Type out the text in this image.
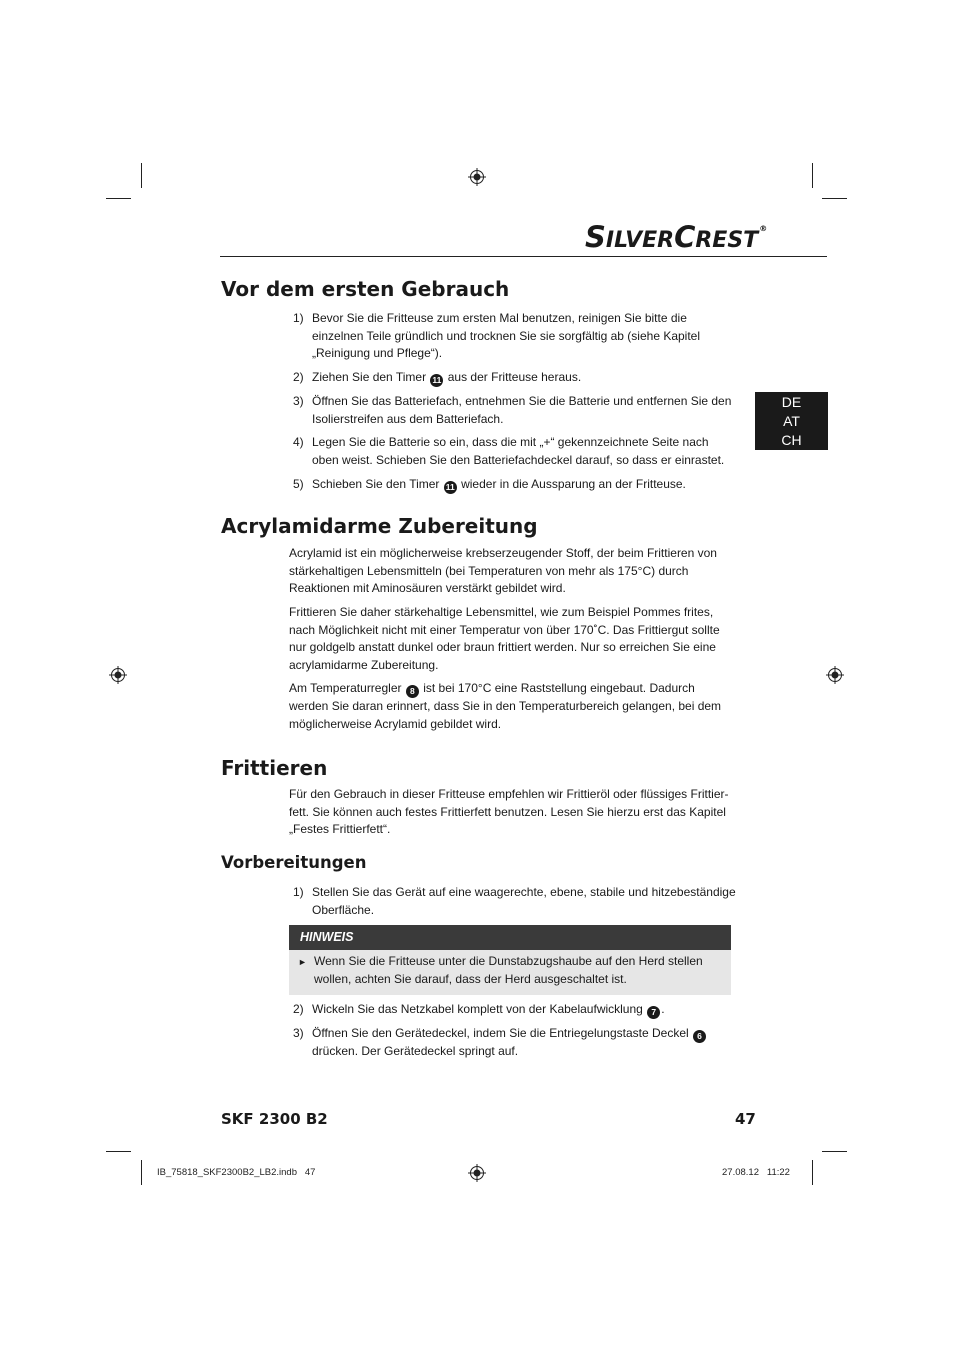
SILVERCREST®
DE
AT
CH
Vor dem ersten Gebrauch
1) Bevor Sie die Fritteuse zum ersten Mal benutzen, reinigen Sie bitte die einzelnen Teile gründlich und trocknen Sie sie sorgfältig ab (siehe Kapitel „Reinigung und Pflege“).
2) Ziehen Sie den Timer 11 aus der Fritteuse heraus.
3) Öffnen Sie das Batteriefach, entnehmen Sie die Batterie und entfernen Sie den Isolierstreifen aus dem Batteriefach.
4) Legen Sie die Batterie so ein, dass die mit „+“ gekennzeichnete Seite nach oben weist. Schieben Sie den Batteriefachdeckel darauf, so dass er einrastet.
5) Schieben Sie den Timer 11 wieder in die Aussparung an der Fritteuse.
Acrylamidarme Zubereitung

Acrylamid ist ein möglicherweise krebserzeugender Stoff, der beim Frittieren von stärkehaltigen Lebensmitteln (bei Temperaturen von mehr als 175°C) durch Reaktionen mit Aminosäuren verstärkt gebildet wird.

Frittieren Sie daher stärkehaltige Lebensmittel, wie zum Beispiel Pommes frites, nach Möglichkeit nicht mit einer Temperatur von über 170˚C. Das Frittiergut sollte nur goldgelb anstatt dunkel oder braun frittiert werden. Nur so erreichen Sie eine acrylamidarme Zubereitung.

Am Temperaturregler 8 ist bei 170°C eine Raststellung eingebaut. Dadurch werden Sie daran erinnert, dass Sie in den Temperaturbereich gelangen, bei dem möglicherweise Acrylamid gebildet wird.

Frittieren

Für den Gebrauch in dieser Fritteuse empfehlen wir Frittieröl oder flüssiges Frittier-fett. Sie können auch festes Frittierfett benutzen. Lesen Sie hierzu erst das Kapitel „Festes Frittierfett“.

Vorbereitungen
1) Stellen Sie das Gerät auf eine waagerechte, ebene, stabile und hitzebeständige Oberfläche.
HINWEIS
► Wenn Sie die Fritteuse unter die Dunstabzugshaube auf den Herd stellen wollen, achten Sie darauf, dass der Herd ausgeschaltet ist.
2) Wickeln Sie das Netzkabel komplett von der Kabelaufwicklung 7 .
3) Öffnen Sie den Gerätedeckel, indem Sie die Entriegelungstaste Deckel 6 drücken. Der Gerätedeckel springt auf.
SKF 2300 B2	47
IB_75818_SKF2300B2_LB2.indb   47	27.08.12   11:22
